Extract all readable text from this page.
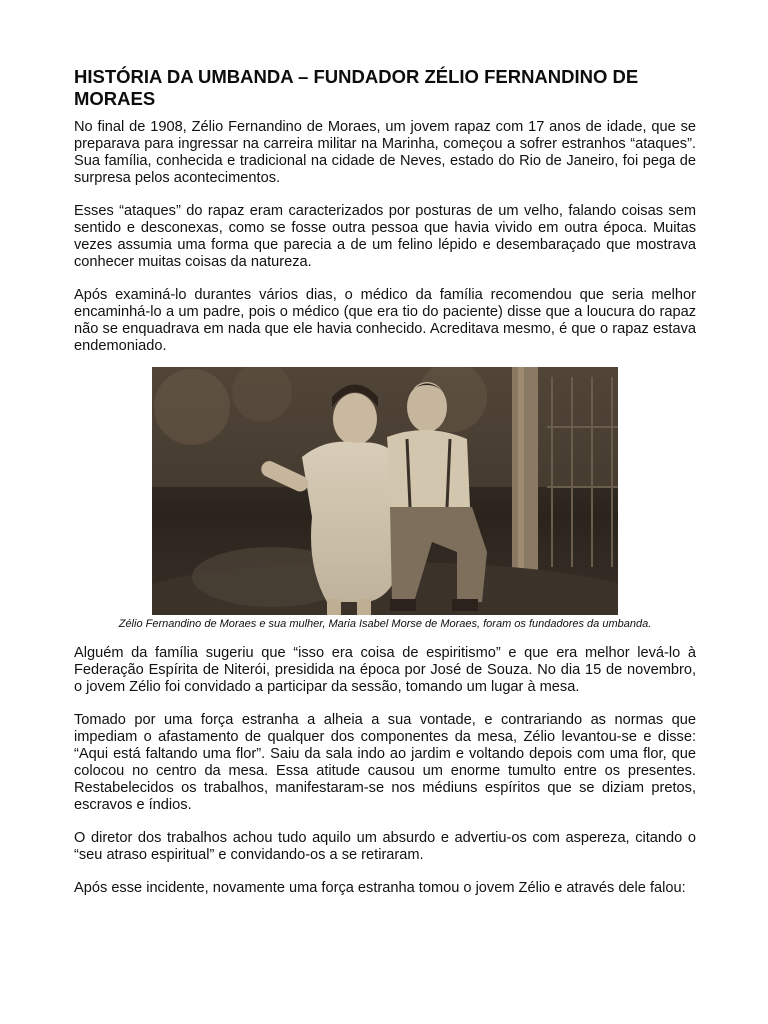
HISTÓRIA DA UMBANDA – FUNDADOR ZÉLIO FERNANDINO DE MORAES

No final de 1908, Zélio Fernandino de Moraes, um jovem rapaz com 17 anos de idade, que se preparava para ingressar na carreira militar na Marinha, começou a sofrer estranhos “ataques”. Sua família, conhecida e tradicional na cidade de Neves, estado do Rio de Janeiro, foi pega de surpresa pelos acontecimentos.

Esses “ataques” do rapaz eram caracterizados por posturas de um velho, falando coisas sem sentido e desconexas, como se fosse outra pessoa que havia vivido em outra época. Muitas vezes assumia uma forma que parecia a de um felino lépido e desembaraçado que mostrava conhecer muitas coisas da natureza.

Após examiná-lo durantes vários dias, o médico da família recomendou que seria melhor encaminhá-lo a um padre, pois o médico (que era tio do paciente) disse que a loucura do rapaz não se enquadrava em nada que ele havia conhecido. Acreditava mesmo, é que o rapaz estava endemoniado.

Zélio Fernandino de Moraes e sua mulher, Maria Isabel Morse de Moraes, foram os fundadores da umbanda.

Alguém da família sugeriu que “isso era coisa de espiritismo” e que era melhor levá-lo à Federação Espírita de Niterói, presidida na época por José de Souza. No dia 15 de novembro, o jovem Zélio foi convidado a participar da sessão, tomando um lugar à mesa.

Tomado por uma força estranha a alheia a sua vontade, e contrariando as normas que impediam o afastamento de qualquer dos componentes da mesa, Zélio levantou-se e disse: “Aqui está faltando uma flor”. Saiu da sala indo ao jardim e voltando depois com uma flor, que colocou no centro da mesa. Essa atitude causou um enorme tumulto entre os presentes. Restabelecidos os trabalhos, manifestaram-se nos médiuns espíritos que se diziam pretos, escravos e índios.

O diretor dos trabalhos achou tudo aquilo um absurdo e advertiu-os com aspereza, citando o “seu atraso espiritual” e convidando-os a se retiraram.

Após esse incidente, novamente uma força estranha tomou o jovem Zélio e através dele falou:
